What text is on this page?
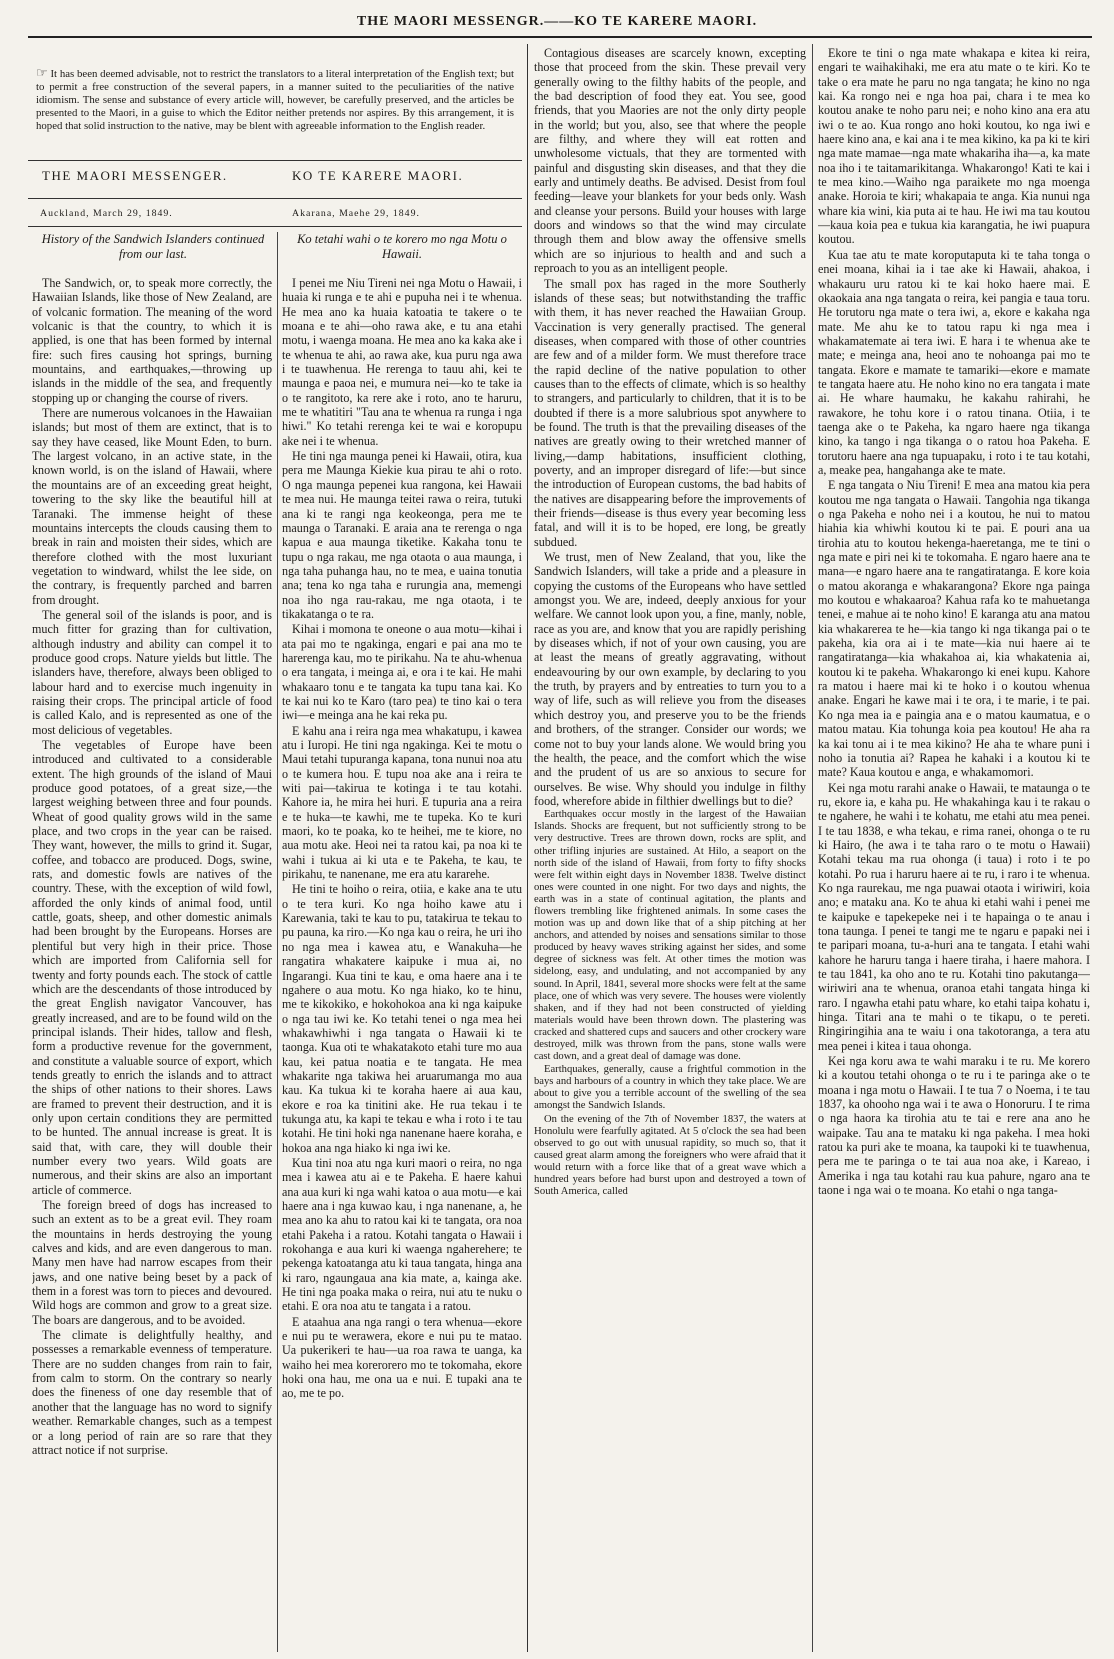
THE MAORI MESSENGR.——KO TE KARERE MAORI.
☞ It has been deemed advisable, not to restrict the translators to a literal interpretation of the English text; but to permit a free construction of the several papers, in a manner suited to the peculiarities of the native idiomism. The sense and substance of every article will, however, be carefully preserved, and the articles be presented to the Maori, in a guise to which the Editor neither pretends nor aspires. By this arrangement, it is hoped that solid instruction to the native, may be blent with agreeable information to the English reader.
THE MAORI MESSENGER.	KO TE KARERE MAORI.
Auckland, March 29, 1849.	Akarana, Maehe 29, 1849.
History of the Sandwich Islanders continued from our last.
Ko tetahi wahi o te korero mo nga Motu o Hawaii.

The Sandwich, or, to speak more correctly, the Hawaiian Islands, like those of New Zealand, are of volcanic formation. The meaning of the word volcanic is that the country, to which it is applied, is one that has been formed by internal fire: such fires causing hot springs, burning mountains, and earthquakes,—throwing up islands in the middle of the sea, and frequently stopping up or changing the course of rivers.

There are numerous volcanoes in the Hawaiian islands; but most of them are extinct, that is to say they have ceased, like Mount Eden, to burn. The largest volcano, in an active state, in the known world, is on the island of Hawaii, where the mountains are of an exceeding great height, towering to the sky like the beautiful hill at Taranaki. The immense height of these mountains intercepts the clouds causing them to break in rain and moisten their sides, which are therefore clothed with the most luxuriant vegetation to windward, whilst the lee side, on the contrary, is frequently parched and barren from drought.

The general soil of the islands is poor, and is much fitter for grazing than for cultivation, although industry and ability can compel it to produce good crops. Nature yields but little. The islanders have, therefore, always been obliged to labour hard and to exercise much ingenuity in raising their crops. The principal article of food is called Kalo, and is represented as one of the most delicious of vegetables.

The vegetables of Europe have been introduced and cultivated to a considerable extent. The high grounds of the island of Maui produce good potatoes, of a great size,—the largest weighing between three and four pounds. Wheat of good quality grows wild in the same place, and two crops in the year can be raised. They want, however, the mills to grind it. Sugar, coffee, and tobacco are produced. Dogs, swine, rats, and domestic fowls are natives of the country. These, with the exception of wild fowl, afforded the only kinds of animal food, until cattle, goats, sheep, and other domestic animals had been brought by the Europeans. Horses are plentiful but very high in their price. Those which are imported from California sell for twenty and forty pounds each. The stock of cattle which are the descendants of those introduced by the great English navigator Vancouver, has greatly increased, and are to be found wild on the principal islands. Their hides, tallow and flesh, form a productive revenue for the government, and constitute a valuable source of export, which tends greatly to enrich the islands and to attract the ships of other nations to their shores. Laws are framed to prevent their destruction, and it is only upon certain conditions they are permitted to be hunted. The annual increase is great. It is said that, with care, they will double their number every two years. Wild goats are numerous, and their skins are also an important article of commerce.

The foreign breed of dogs has increased to such an extent as to be a great evil. They roam the mountains in herds destroying the young calves and kids, and are even dangerous to man. Many men have had narrow escapes from their jaws, and one native being beset by a pack of them in a forest was torn to pieces and devoured. Wild hogs are common and grow to a great size. The boars are dangerous, and to be avoided.

The climate is delightfully healthy, and possesses a remarkable evenness of temperature. There are no sudden changes from rain to fair, from calm to storm. On the contrary so nearly does the fineness of one day resemble that of another that the language has no word to signify weather. Remarkable changes, such as a tempest or a long period of rain are so rare that they attract notice if not surprise.

I penei me Niu Tireni nei nga Motu o Hawaii, i huaia ki runga e te ahi e pupuha nei i te whenua. He mea ano ka huaia katoatia te takere o te moana e te ahi—oho rawa ake, e tu ana etahi motu, i waenga moana. He mea ano ka kaka ake i te whenua te ahi, ao rawa ake, kua puru nga awa i te tuawhenua. He rerenga to tauu ahi, kei te maunga e paoa nei, e mumura nei—ko te take ia o te rangitoto, ka rere ake i roto, ano te haruru, me te whatitiri "Tau ana te whenua ra runga i nga hiwi." Ko tetahi rerenga kei te wai e koropupu ake nei i te whenua.

He tini nga maunga penei ki Hawaii, otira, kua pera me Maunga Kiekie kua pirau te ahi o roto. O nga maunga pepenei kua rangona, kei Hawaii te mea nui. He maunga teitei rawa o reira, tutuki ana ki te rangi nga keokeonga, pera me te maunga o Taranaki. E araia ana te rerenga o nga kapua e aua maunga tiketike. Kakaha tonu te tupu o nga rakau, me nga otaota o aua maunga, i nga taha puhanga hau, no te mea, e uaina tonutia ana; tena ko nga taha e rurungia ana, memengi noa iho nga rau-rakau, me nga otaota, i te tikakatanga o te ra.

Kihai i momona te oneone o aua motu—kihai i ata pai mo te ngakinga, engari e pai ana mo te harerenga kau, mo te pirikahu. Na te ahu-whenua o era tangata, i meinga ai, e ora i te kai. He mahi whakaaro tonu e te tangata ka tupu tana kai. Ko te kai nui ko te Karo (taro pea) te tino kai o tera iwi—e meinga ana he kai reka pu.

E kahu ana i reira nga mea whakatupu, i kawea atu i Iuropi. He tini nga ngakinga. Kei te motu o Maui tetahi tupuranga kapana, tona nunui noa atu o te kumera hou. E tupu noa ake ana i reira te witi pai—takirua te kotinga i te tau kotahi. Kahore ia, he mira hei huri. E tupuria ana a reira e te huka—te kawhi, me te tupeka. Ko te kuri maori, ko te poaka, ko te heihei, me te kiore, no aua motu ake. Heoi nei ta ratou kai, pa noa ki te wahi i tukua ai ki uta e te Pakeha, te kau, te pirikahu, te nanenane, me era atu kararehe.

He tini te hoiho o reira, otiia, e kake ana te utu o te tera kuri. Ko nga hoiho kawe atu i Karewania, taki te kau to pu, tatakirua te tekau to pu pauna, ka riro.—Ko nga kau o reira, he uri iho no nga mea i kawea atu, e Wanakuha—he rangatira whakatere kaipuke i mua ai, no Ingarangi. Kua tini te kau, e oma haere ana i te ngahere o aua motu. Ko nga hiako, ko te hinu, me te kikokiko, e hokohokoa ana ki nga kaipuke o nga tau iwi ke. Ko tetahi tenei o nga mea hei whakawhiwhi i nga tangata o Hawaii ki te taonga. Kua oti te whakatakoto etahi ture mo aua kau, kei patua noatia e te tangata. He mea whakarite nga takiwa hei aruarumanga mo aua kau. Ka tukua ki te koraha haere ai aua kau, ekore e roa ka tinitini ake. He rua tekau i te tukunga atu, ka kapi te tekau e wha i roto i te tau kotahi. He tini hoki nga nanenane haere koraha, e hokoa ana nga hiako ki nga iwi ke.

Kua tini noa atu nga kuri maori o reira, no nga mea i kawea atu ai e te Pakeha. E haere kahui ana aua kuri ki nga wahi katoa o aua motu—e kai haere ana i nga kuwao kau, i nga nanenane, a, he mea ano ka ahu to ratou kai ki te tangata, ora noa etahi Pakeha i a ratou. Kotahi tangata o Hawaii i rokohanga e aua kuri ki waenga ngahereherе; te pekenga katoatanga atu ki taua tangata, hinga ana ki raro, ngaungaua ana kia mate, a, kainga ake. He tini nga poaka maka o reira, nui atu te nuku o etahi. E ora noa atu te tangata i a ratou.

E ataahua ana nga rangi o tera whenua—ekore e nui pu te werawera, ekore e nui pu te matao. Ua pukerikeri te hau—ua roa rawa te uanga, ka waiho hei mea korerorero mo te tokomaha, ekore hoki ona hau, me ona ua e nui. E tupaki ana te ao, me te po.

Contagious diseases are scarcely known, excepting those that proceed from the skin. These prevail very generally owing to the filthy habits of the people, and the bad description of food they eat. You see, good friends, that you Maories are not the only dirty people in the world; but you, also, see that where the people are filthy, and where they will eat rotten and unwholesome victuals, that they are tormented with painful and disgusting skin diseases, and that they die early and untimely deaths. Be advised. Desist from foul feeding—leave your blankets for your beds only. Wash and cleanse your persons. Build your houses with large doors and windows so that the wind may circulate through them and blow away the offensive smells which are so injurious to health and and such a reproach to you as an intelligent people.

The small pox has raged in the more Southerly islands of these seas; but notwithstanding the traffic with them, it has never reached the Hawaiian Group. Vaccination is very generally practised. The general diseases, when compared with those of other countries are few and of a milder form. We must therefore trace the rapid decline of the native population to other causes than to the effects of climate, which is so healthy to strangers, and particularly to children, that it is to be doubted if there is a more salubrious spot anywhere to be found. The truth is that the prevailing diseases of the natives are greatly owing to their wretched manner of living,—damp habitations, insufficient clothing, poverty, and an improper disregard of life:—but since the introduction of European customs, the bad habits of the natives are disappearing before the improvements of their friends—disease is thus every year becoming less fatal, and will it is to be hoped, ere long, be greatly subdued.

We trust, men of New Zealand, that you, like the Sandwich Islanders, will take a pride and a pleasure in copying the customs of the Europeans who have settled amongst you. We are, indeed, deeply anxious for your welfare. We cannot look upon you, a fine, manly, noble, race as you are, and know that you are rapidly perishing by diseases which, if not of your own causing, you are at least the means of greatly aggravating, without endeavouring by our own example, by declaring to you the truth, by prayers and by entreaties to turn you to a way of life, such as will relieve you from the diseases which destroy you, and preserve you to be the friends and brothers, of the stranger. Consider our words; we come not to buy your lands alone. We would bring you the health, the peace, and the comfort which the wise and the prudent of us are so anxious to secure for ourselves. Be wise. Why should you indulge in filthy food, wherefore abide in filthier dwellings but to die?

Earthquakes occur mostly in the largest of the Hawaiian Islands. Shocks are frequent, but not sufficiently strong to be very destructive. Trees are thrown down, rocks are split, and other trifling injuries are sustained. At Hilo, a seaport on the north side of the island of Hawaii, from forty to fifty shocks were felt within eight days in November 1838. Twelve distinct ones were counted in one night. For two days and nights, the earth was in a state of continual agitation, the plants and flowers trembling like frightened animals. In some cases the motion was up and down like that of a ship pitching at her anchors, and attended by noises and sensations similar to those produced by heavy waves striking against her sides, and some degree of sickness was felt. At other times the motion was sidelong, easy, and undulating, and not accompanied by any sound. In April, 1841, several more shocks were felt at the same place, one of which was very severe. The houses were violently shaken, and if they had not been constructed of yielding materials would have been thrown down. The plastering was cracked and shattered cups and saucers and other crockery ware destroyed, milk was thrown from the pans, stone walls were cast down, and a great deal of damage was done.

Earthquakes, generally, cause a frightful commotion in the bays and harbours of a country in which they take place. We are about to give you a terrible account of the swelling of the sea amongst the Sandwich Islands.

On the evening of the 7th of November 1837, the waters at Honolulu were fearfully agitated. At 5 o'clock the sea had been observed to go out with unusual rapidity, so much so, that it caused great alarm among the foreigners who were afraid that it would return with a force like that of a great wave which a hundred years before had burst upon and destroyed a town of South America, called

Ekore te tini o nga mate whakapa e kitea ki reira, engari te waihakihaki, me era atu mate o te kiri. Ko te take o era mate he paru no nga tangata; he kino no nga kai. Ka rongo nei e nga hoa pai, chara i te mea ko koutou anake te noho paru nei; e noho kino ana era atu iwi o te ao. Kua rongo ano hoki koutou, ko nga iwi e haere kino ana, e kai ana i te mea kikino, ka pa ki te kiri nga mate mamae—nga mate whakariha iha—a, ka mate noa iho i te taitamarikitanga. Whakarongo! Kati te kai i te mea kino.—Waiho nga paraikete mo nga moenga anake. Horoia te kiri; whakapaia te anga. Kia nunui nga whare kia wini, kia puta ai te hau. He iwi ma tau koutou—kaua koia pea e tukua kia karangatia, he iwi puapura koutou.

Kua tae atu te mate koroputaputa ki te taha tonga o enei moana, kihai ia i tae ake ki Hawaii, ahakoa, i whakauru uru ratou ki te kai hoko haere mai. E okaokaia ana nga tangata o reira, kei pangia e taua toru. He torutoru nga mate o tera iwi, a, ekore e kakaha nga mate. Me ahu ke to tatou rapu ki nga mea i whakamatemate ai tera iwi. E hara i te whenua ake te mate; e meinga ana, heoi ano te nohoanga pai mo te tangata. Ekore e mamate te tamariki—ekore e mamate te tangata haere atu. He noho kino no era tangata i mate ai. He whare haumaku, he kakahu rahirahi, he rawakore, he tohu kore i o ratou tinana. Otiia, i te taenga ake o te Pakeha, ka ngaro haere nga tikanga kino, ka tango i nga tikanga o o ratou hoa Pakeha. E torutoru haere ana nga tupuapaku, i roto i te tau kotahi, a, meake pea, hangahanga ake te mate.

E nga tangata o Niu Tireni! E mea ana matou kia pera koutou me nga tangata o Hawaii. Tangohia nga tikanga o nga Pakeha e noho nei i a koutou, he nui to matou hiahia kia whiwhi koutou ki te pai. E pouri ana ua tirohia atu to koutou hekenga-haeretanga, me te tini o nga mate e piri nei ki te tokomaha. E ngaro haere ana te mana—e ngaro haere ana te rangatiratanga. E kore koia o matou akoranga e whakarangona? Ekore nga painga mo koutou e whakaaroa? Kahua rafa ko te mahuetanga tenei, e mahue ai te noho kino! E karanga atu ana matou kia whakarerea te he—kia tango ki nga tikanga pai o te pakeha, kia ora ai i te mate—kia nui haere ai te rangatiratanga—kia whakahoa ai, kia whakatenia ai, koutou ki te pakeha. Whakarongo ki enei kupu. Kahore ra matou i haere mai ki te hoko i o koutou whenua anake. Engari he kawe mai i te ora, i te marie, i te pai. Ko nga mea ia e paingia ana e o matou kaumatua, e o matou matau. Kia tohunga koia pea koutou! He aha ra ka kai tonu ai i te mea kikino? He aha te whare puni i noho ia tonutia ai? Rapea he kahaki i a koutou ki te mate? Kaua koutou e anga, e whakamomori.

Kei nga motu rarahi anake o Hawaii, te mataunga o te ru, ekore ia, e kaha pu. He whakahinga kau i te rakau o te ngahere, he wahi i te kohatu, me etahi atu mea penei. I te tau 1838, e wha tekau, e rima ranei, ohonga o te ru ki Hairo, (he awa i te taha raro o te motu o Hawaii) Kotahi tekau ma rua ohonga (i taua) i roto i te po kotahi. Po rua i haruru haere ai te ru, i raro i te whenua. Ko nga raurekau, me nga puawai otaota i wiriwiri, koia ano; e mataku ana. Ko te ahua ki etahi wahi i penei me te kaipuke e tapekepeke nei i te hapainga o te anau i tona taunga. I penei te tangi me te ngaru e papaki nei i te paripari moana, tu-a-huri ana te tangata. I etahi wahi kahore he haruru tanga i haere tiraha, i haere mahora. I te tau 1841, ka oho ano te ru. Kotahi tino pakutanga—wiriwiri ana te whenua, oranoa etahi tangata hinga ki raro. I ngawha etahi patu whare, ko etahi taipa kohatu i, hinga. Titari ana te mahi o te tikapu, o te pereti. Ringiringihia ana te waiu i ona takotoranga, a tera atu mea penei i kitea i taua ohonga.

Kei nga koru awa te wahi maraku i te ru. Me korero ki a koutou tetahi ohonga o te ru i te paringa ake o te moana i nga motu o Hawaii. I te tua 7 o Noema, i te tau 1837, ka ohooho nga wai i te awa o Honoruru. I te rima o nga haora ka tirohia atu te tai e rere ana ano he waipake. Tau ana te mataku ki nga pakeha. I mea hoki ratou ka puri ake te moana, ka taupoki ki te tuawhenua, pera me te paringa o te tai aua noa ake, i Kareao, i Amerika i nga tau kotahi rau kua pahure, ngaro ana te taone i nga wai o te moana. Ko etahi o nga tanga-
